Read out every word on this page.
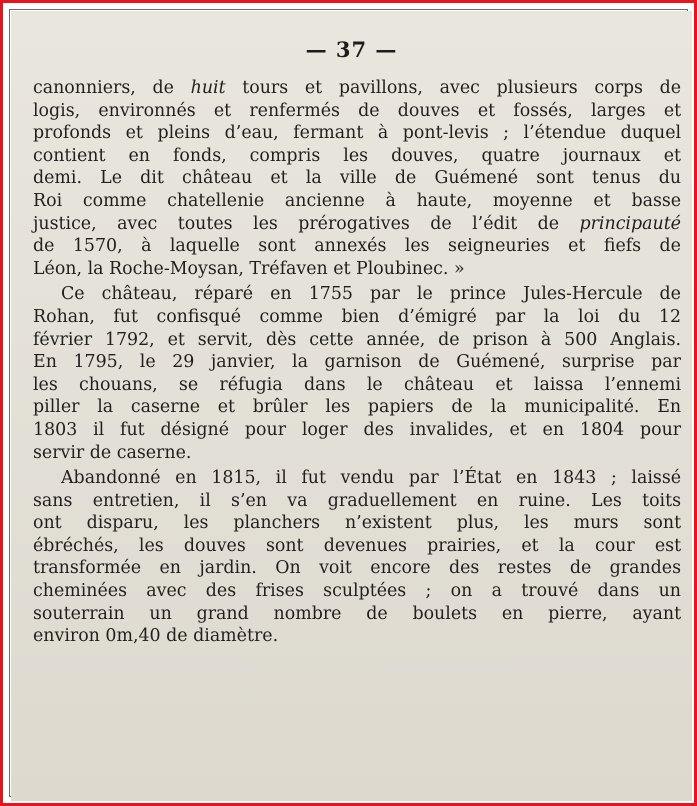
— 37 —
canonniers, de huit tours et pavillons, avec plusieurs corps de
logis, environnés et renfermés de douves et fossés, larges et
profonds et pleins d’eau, fermant à pont-levis ; l’étendue duquel
contient en fonds, compris les douves, quatre journaux et
demi. Le dit château et la ville de Guémené sont tenus du
Roi comme chatellenie ancienne à haute, moyenne et basse
justice, avec toutes les prérogatives de l’édit de principauté
de 1570, à laquelle sont annexés les seigneuries et fiefs de
Léon, la Roche-Moysan, Tréfaven et Ploubinec. »
Ce château, réparé en 1755 par le prince Jules-Hercule de
Rohan, fut confisqué comme bien d’émigré par la loi du 12
février 1792, et servit, dès cette année, de prison à 500 Anglais.
En 1795, le 29 janvier, la garnison de Guémené, surprise par
les chouans, se réfugia dans le château et laissa l’ennemi
piller la caserne et brûler les papiers de la municipalité. En
1803 il fut désigné pour loger des invalides, et en 1804 pour
servir de caserne.
Abandonné en 1815, il fut vendu par l’État en 1843 ; laissé
sans entretien, il s’en va graduellement en ruine. Les toits
ont disparu, les planchers n’existent plus, les murs sont
ébréchés, les douves sont devenues prairies, et la cour est
transformée en jardin. On voit encore des restes de grandes
cheminées avec des frises sculptées ; on a trouvé dans un
souterrain un grand nombre de boulets en pierre, ayant
environ 0m,40 de diamètre.
